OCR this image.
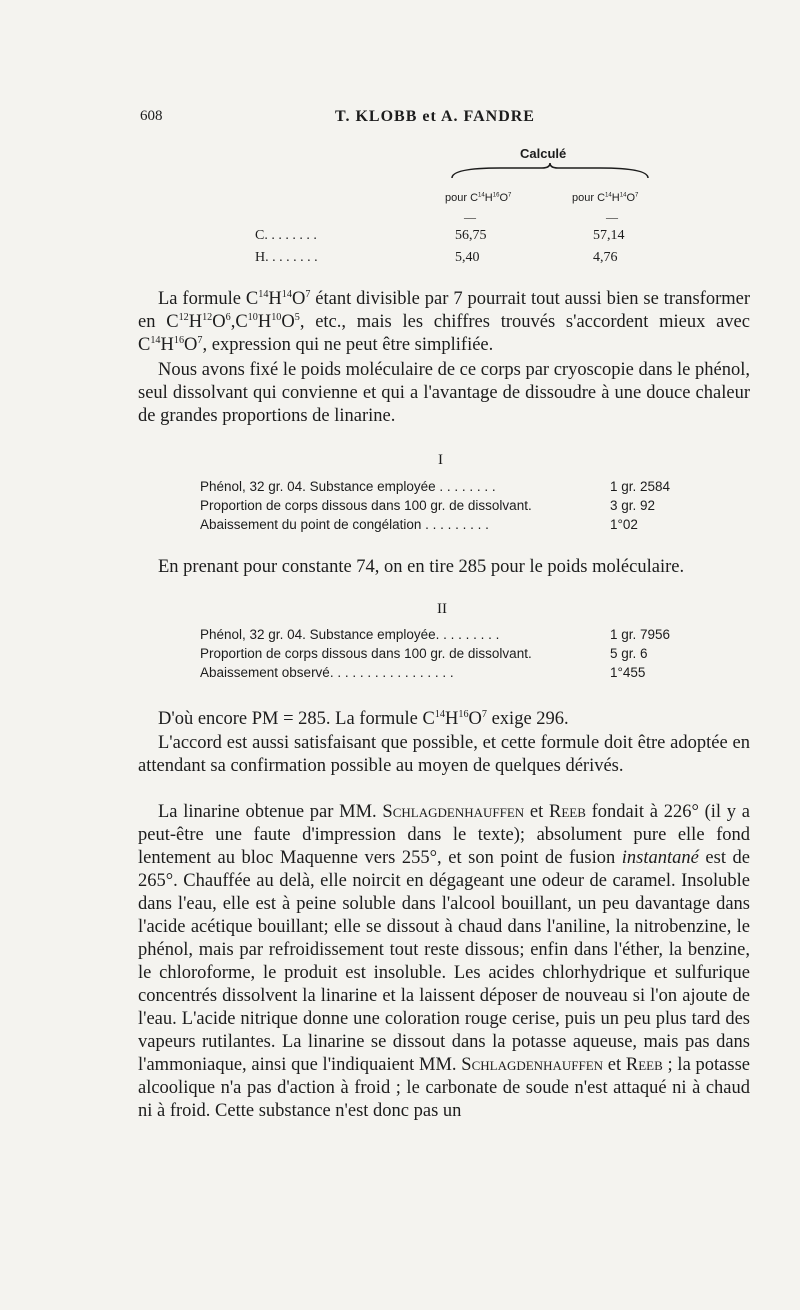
608	T. KLOBB et A. FANDRE
Calculé
pour $C^{14}H^{16}O^7$	pour $C^{14}H^{14}O^7$
—	—
C. . . . . . . .	56,75	57,14
H. . . . . . . .	5,40	4,76
La formule $C^{14}H^{14}O^7$ étant divisible par 7 pourrait tout aussi bien se transformer en $C^{12}H^{12}O^6,C^{10}H^{10}O^5$, etc., mais les chiffres trouvés s'accordent mieux avec $C^{14}H^{16}O^7$, expression qui ne peut être simplifiée.
Nous avons fixé le poids moléculaire de ce corps par cryoscopie dans le phénol, seul dissolvant qui convienne et qui a l'avantage de dissoudre à une douce chaleur de grandes proportions de linarine.
I
Phénol, 32 gr. 04. Substance employée . . . . . . . .	1 gr. 2584
Proportion de corps dissous dans 100 gr. de dissolvant.	3 gr. 92
Abaissement du point de congélation . . . . . . . . .	1°02
En prenant pour constante 74, on en tire 285 pour le poids moléculaire.
II
Phénol, 32 gr. 04. Substance employée. . . . . . . . .	1 gr. 7956
Proportion de corps dissous dans 100 gr. de dissolvant.	5 gr. 6
Abaissement observé. . . . . . . . . . . . . . . . .	1°455
D'où encore PM = 285. La formule $C^{14}H^{16}O^7$ exige 296.
L'accord est aussi satisfaisant que possible, et cette formule doit être adoptée en attendant sa confirmation possible au moyen de quelques dérivés.
La linarine obtenue par MM. Schlagdenhauffen et Reeb fondait à 226° (il y a peut-être une faute d'impression dans le texte); absolument pure elle fond lentement au bloc Maquenne vers 255°, et son point de fusion instantané est de 265°. Chauffée au delà, elle noircit en dégageant une odeur de caramel. Insoluble dans l'eau, elle est à peine soluble dans l'alcool bouillant, un peu davantage dans l'acide acétique bouillant; elle se dissout à chaud dans l'aniline, la nitrobenzine, le phénol, mais par refroidissement tout reste dissous; enfin dans l'éther, la benzine, le chloroforme, le produit est insoluble. Les acides chlorhydrique et sulfurique concentrés dissolvent la linarine et la laissent déposer de nouveau si l'on ajoute de l'eau. L'acide nitrique donne une coloration rouge cerise, puis un peu plus tard des vapeurs rutilantes. La linarine se dissout dans la potasse aqueuse, mais pas dans l'ammoniaque, ainsi que l'indiquaient MM. Schlagdenhauffen et Reeb ; la potasse alcoolique n'a pas d'action à froid ; le carbonate de soude n'est attaqué ni à chaud ni à froid. Cette substance n'est donc pas un
